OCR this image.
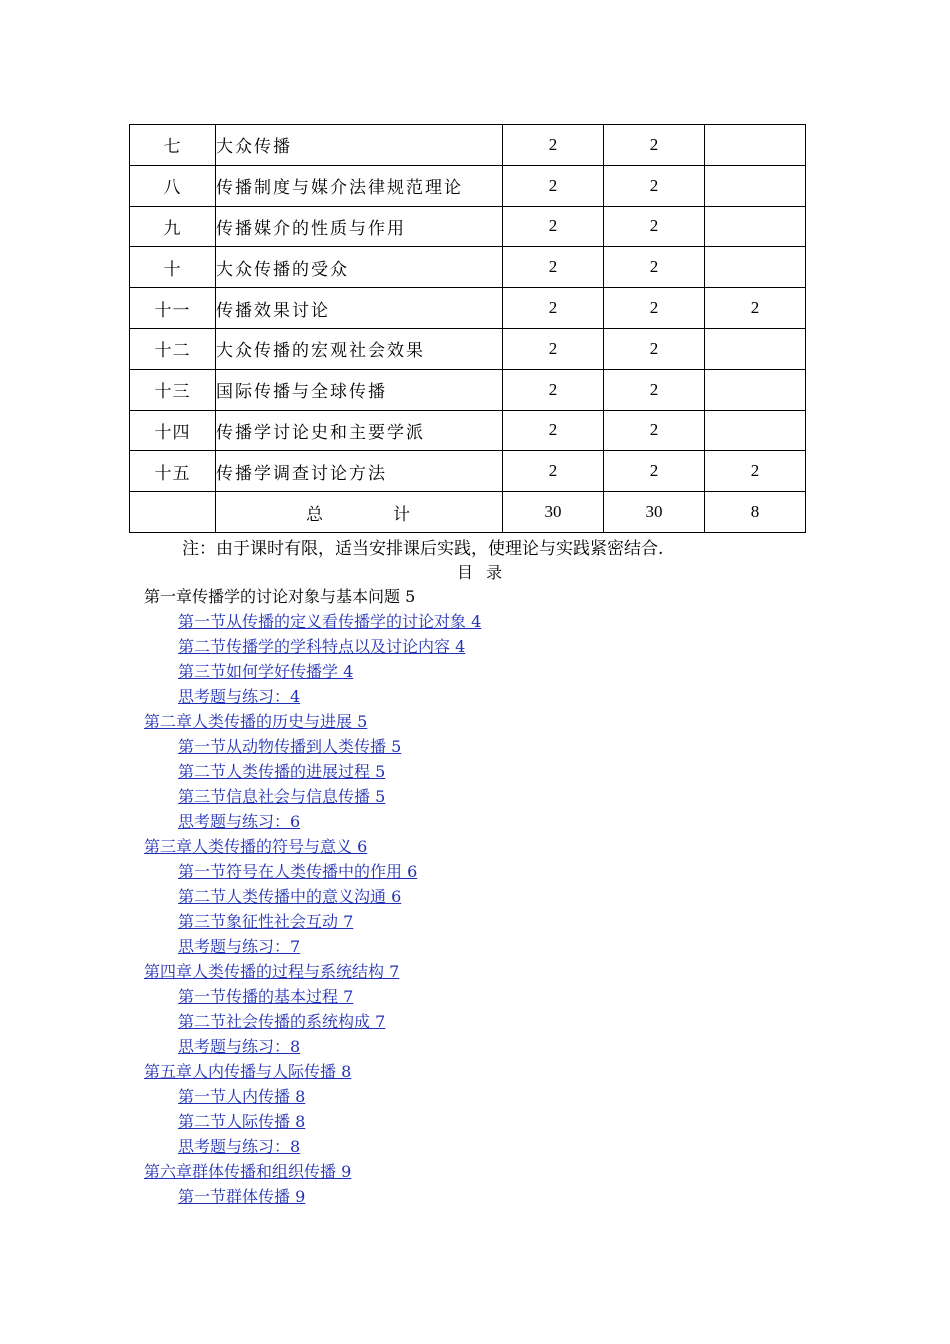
七	大众传播	2	2	
八	传播制度与媒介法律规范理论	2	2	
九	传播媒介的性质与作用	2	2	
十	大众传播的受众	2	2	
十一	传播效果讨论	2	2	2
十二	大众传播的宏观社会效果	2	2	
十三	国际传播与全球传播	2	2	
十四	传播学讨论史和主要学派	2	2	
十五	传播学调查讨论方法	2	2	2
	总 计	30	30	8
注：由于课时有限，适当安排课后实践，使理论与实践紧密结合.
目 录
第一章传播学的讨论对象与基本问题 5
第一节从传播的定义看传播学的讨论对象 4
第二节传播学的学科特点以及讨论内容 4
第三节如何学好传播学 4
思考题与练习：4
第二章人类传播的历史与进展 5
第一节从动物传播到人类传播 5
第二节人类传播的进展过程 5
第三节信息社会与信息传播 5
思考题与练习：6
第三章人类传播的符号与意义 6
第一节符号在人类传播中的作用 6
第二节人类传播中的意义沟通 6
第三节象征性社会互动 7
思考题与练习：7
第四章人类传播的过程与系统结构 7
第一节传播的基本过程 7
第二节社会传播的系统构成 7
思考题与练习：8
第五章人内传播与人际传播 8
第一节人内传播 8
第二节人际传播 8
思考题与练习：8
第六章群体传播和组织传播 9
第一节群体传播 9
